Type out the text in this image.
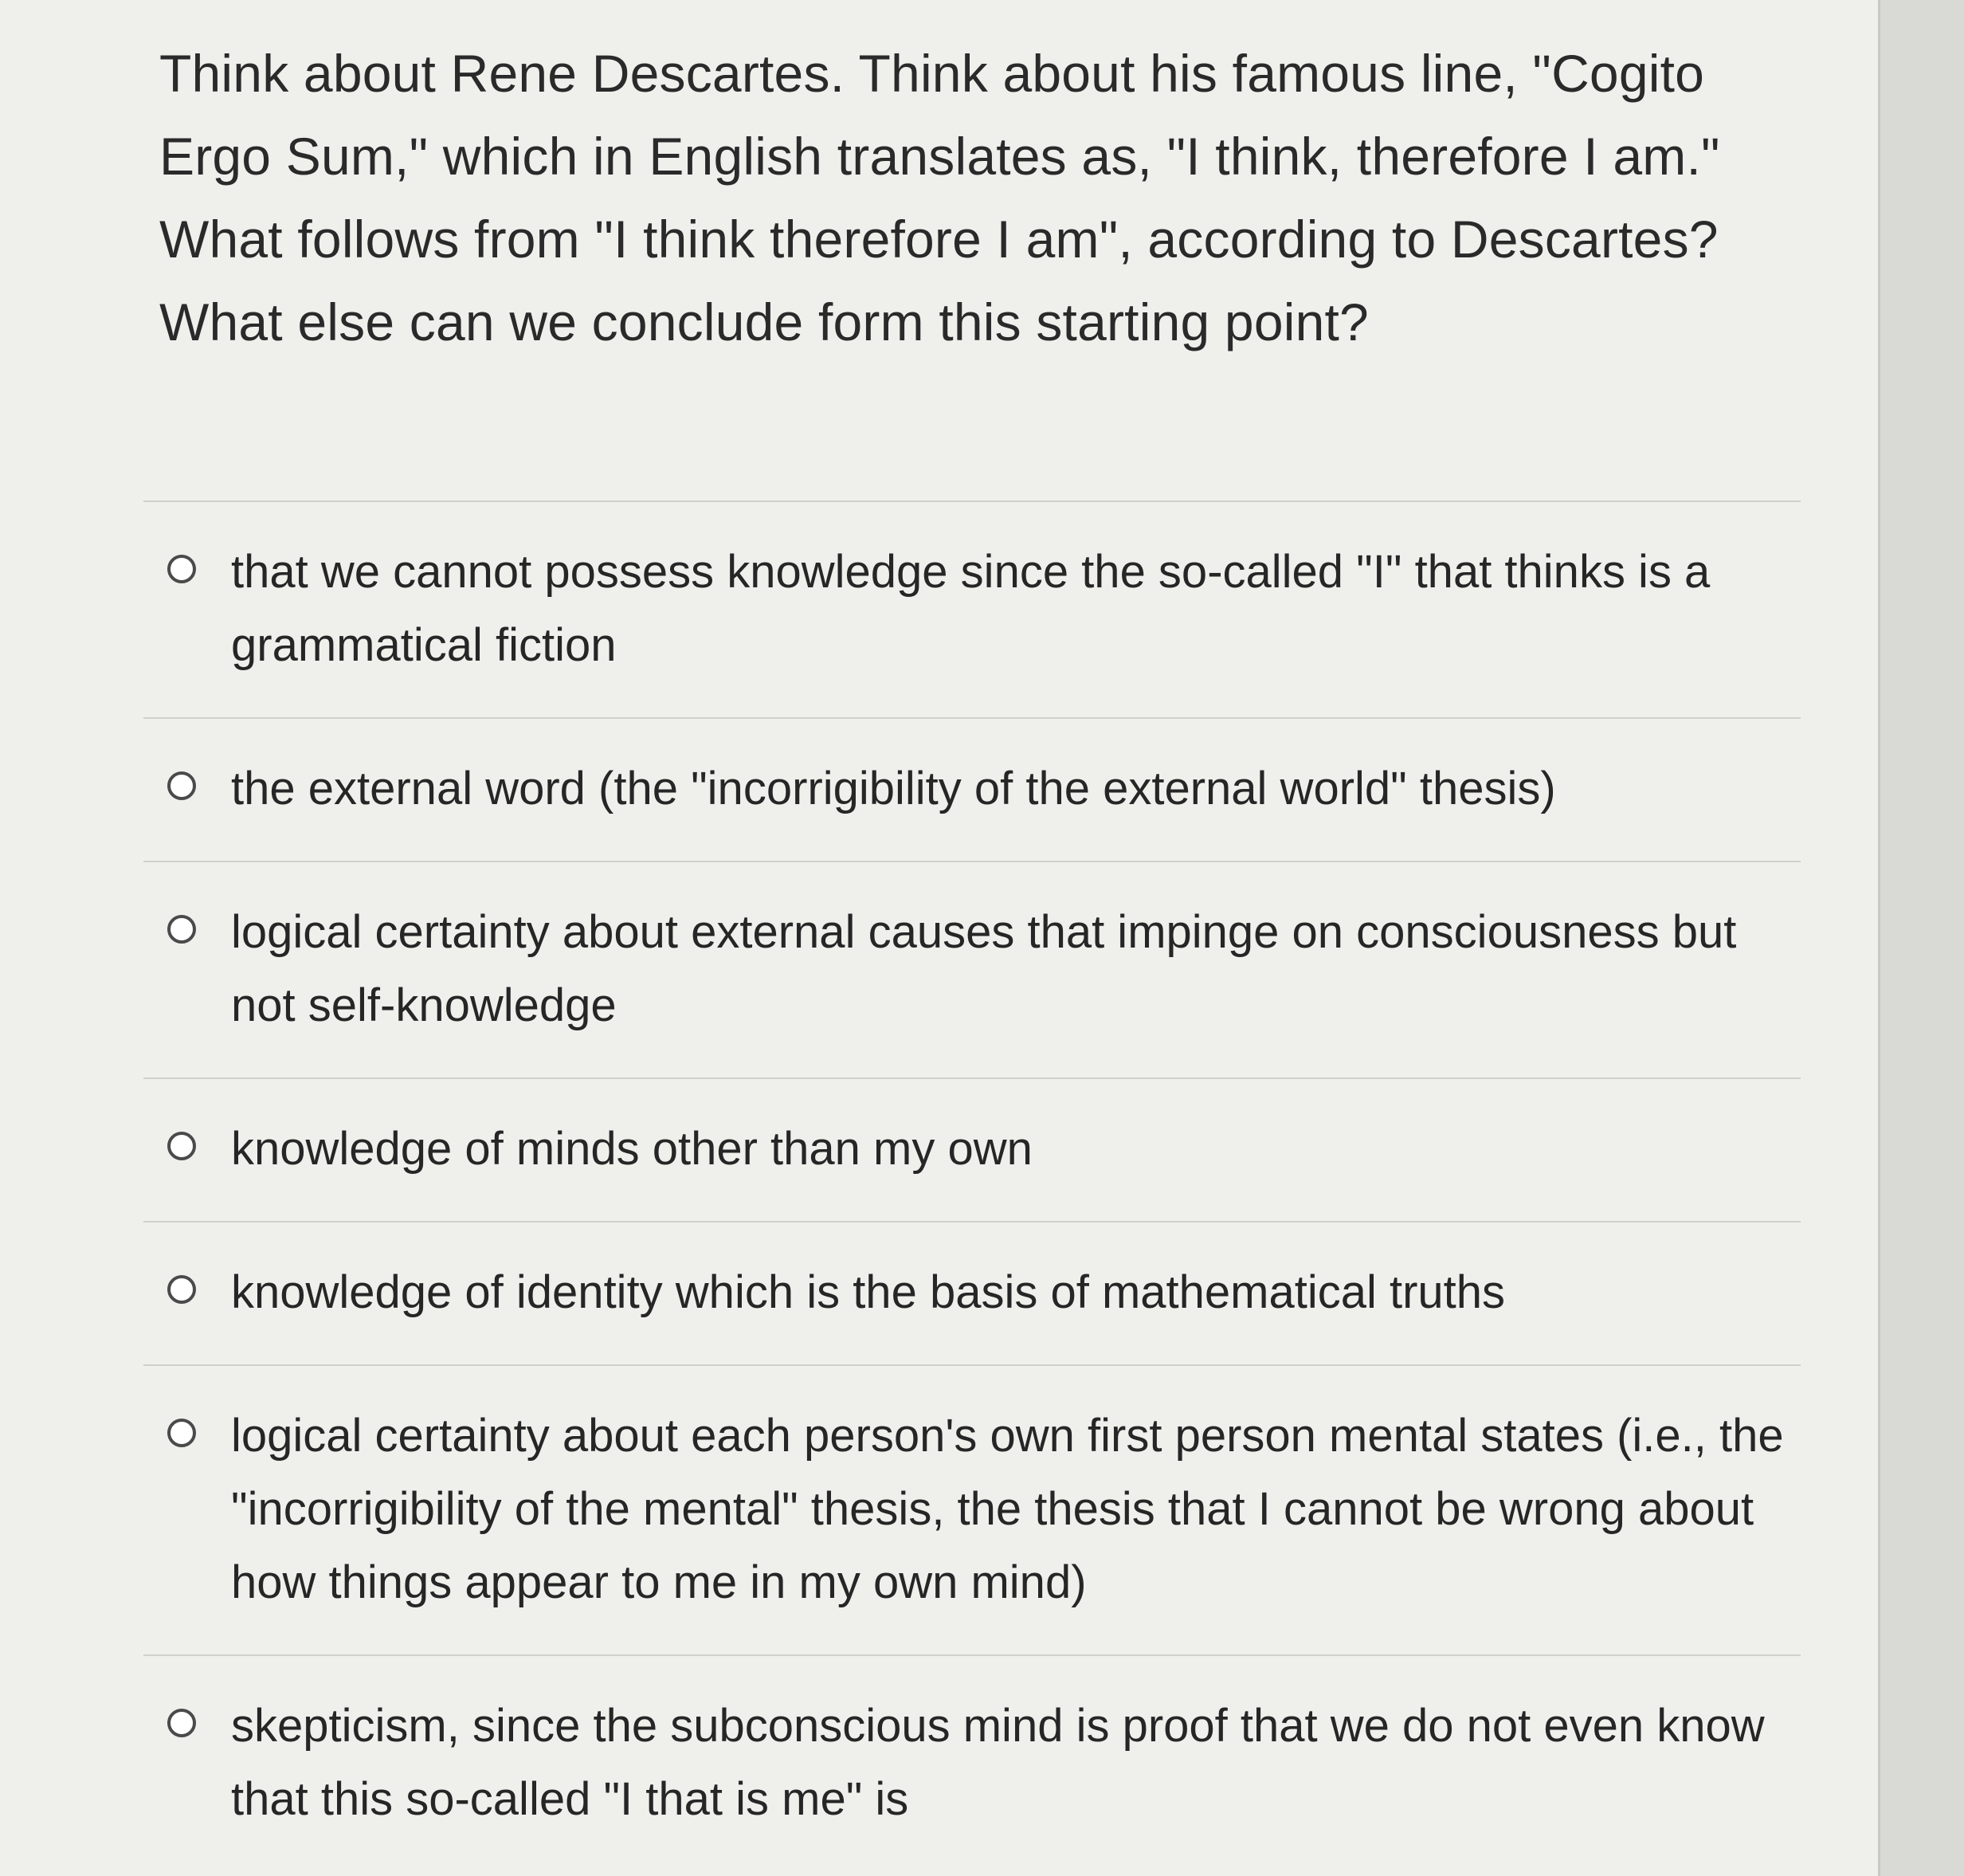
Think about Rene Descartes. Think about his famous line, "Cogito Ergo Sum," which in English translates as, "I think, therefore I am." What follows from "I think therefore I am", according to Descartes? What else can we conclude form this starting point?

that we cannot possess knowledge since the so-called "I" that thinks is a grammatical fiction
the external word (the "incorrigibility of the external world" thesis)
logical certainty about external causes that impinge on consciousness but not self-knowledge
knowledge of minds other than my own
knowledge of identity which is the basis of mathematical truths
logical certainty about each person's own first person mental states (i.e., the "incorrigibility of the mental" thesis, the thesis that I cannot be wrong about how things appear to me in my own mind)
skepticism, since the subconscious mind is proof that we do not even know that this so-called "I that is me" is
